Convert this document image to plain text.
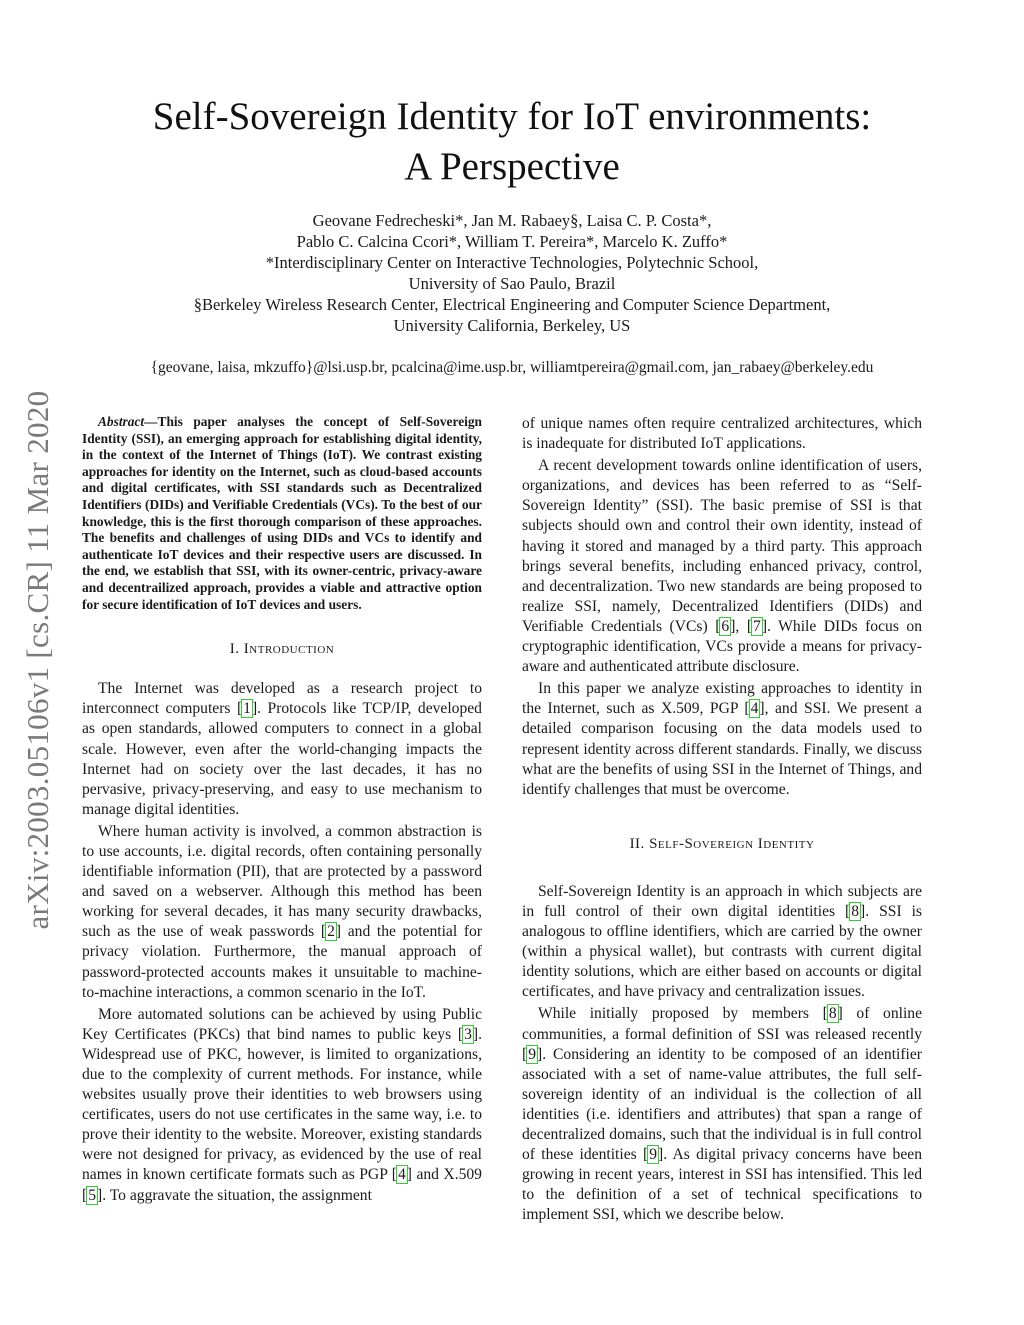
arXiv:2003.05106v1 [cs.CR] 11 Mar 2020
Self-Sovereign Identity for IoT environments:
A Perspective
Geovane Fedrecheski*, Jan M. Rabaey§, Laisa C. P. Costa*,
Pablo C. Calcina Ccori*, William T. Pereira*, Marcelo K. Zuffo*
*Interdisciplinary Center on Interactive Technologies, Polytechnic School,
University of Sao Paulo, Brazil
§Berkeley Wireless Research Center, Electrical Engineering and Computer Science Department,
University California, Berkeley, US
{geovane, laisa, mkzuffo}@lsi.usp.br, pcalcina@ime.usp.br, williamtpereira@gmail.com, jan_rabaey@berkeley.edu

Abstract—This paper analyses the concept of Self-Sovereign Identity (SSI), an emerging approach for establishing digital identity, in the context of the Internet of Things (IoT). We contrast existing approaches for identity on the Internet, such as cloud-based accounts and digital certificates, with SSI standards such as Decentralized Identifiers (DIDs) and Verifiable Credentials (VCs). To the best of our knowledge, this is the first thorough comparison of these approaches. The benefits and challenges of using DIDs and VCs to identify and authenticate IoT devices and their respective users are discussed. In the end, we establish that SSI, with its owner-centric, privacy-aware and decentrailized approach, provides a viable and attractive option for secure identification of IoT devices and users.

I. Introduction

The Internet was developed as a research project to interconnect computers [1]. Protocols like TCP/IP, developed as open standards, allowed computers to connect in a global scale. However, even after the world-changing impacts the Internet had on society over the last decades, it has no pervasive, privacy-preserving, and easy to use mechanism to manage digital identities.

Where human activity is involved, a common abstraction is to use accounts, i.e. digital records, often containing personally identifiable information (PII), that are protected by a password and saved on a webserver. Although this method has been working for several decades, it has many security drawbacks, such as the use of weak passwords [2] and the potential for privacy violation. Furthermore, the manual approach of password-protected accounts makes it unsuitable to machine-to-machine interactions, a common scenario in the IoT.

More automated solutions can be achieved by using Public Key Certificates (PKCs) that bind names to public keys [3]. Widespread use of PKC, however, is limited to organizations, due to the complexity of current methods. For instance, while websites usually prove their identities to web browsers using certificates, users do not use certificates in the same way, i.e. to prove their identity to the website. Moreover, existing standards were not designed for privacy, as evidenced by the use of real names in known certificate formats such as PGP [4] and X.509 [5]. To aggravate the situation, the assignment

of unique names often require centralized architectures, which is inadequate for distributed IoT applications.

A recent development towards online identification of users, organizations, and devices has been referred to as “Self-Sovereign Identity” (SSI). The basic premise of SSI is that subjects should own and control their own identity, instead of having it stored and managed by a third party. This approach brings several benefits, including enhanced privacy, control, and decentralization. Two new standards are being proposed to realize SSI, namely, Decentralized Identifiers (DIDs) and Verifiable Credentials (VCs) [6], [7]. While DIDs focus on cryptographic identification, VCs provide a means for privacy-aware and authenticated attribute disclosure.

In this paper we analyze existing approaches to identity in the Internet, such as X.509, PGP [4], and SSI. We present a detailed comparison focusing on the data models used to represent identity across different standards. Finally, we discuss what are the benefits of using SSI in the Internet of Things, and identify challenges that must be overcome.

II. Self-Sovereign Identity

Self-Sovereign Identity is an approach in which subjects are in full control of their own digital identities [8]. SSI is analogous to offline identifiers, which are carried by the owner (within a physical wallet), but contrasts with current digital identity solutions, which are either based on accounts or digital certificates, and have privacy and centralization issues.

While initially proposed by members [8] of online communities, a formal definition of SSI was released recently [9]. Considering an identity to be composed of an identifier associated with a set of name-value attributes, the full self-sovereign identity of an individual is the collection of all identities (i.e. identifiers and attributes) that span a range of decentralized domains, such that the individual is in full control of these identities [9]. As digital privacy concerns have been growing in recent years, interest in SSI has intensified. This led to the definition of a set of technical specifications to implement SSI, which we describe below.
